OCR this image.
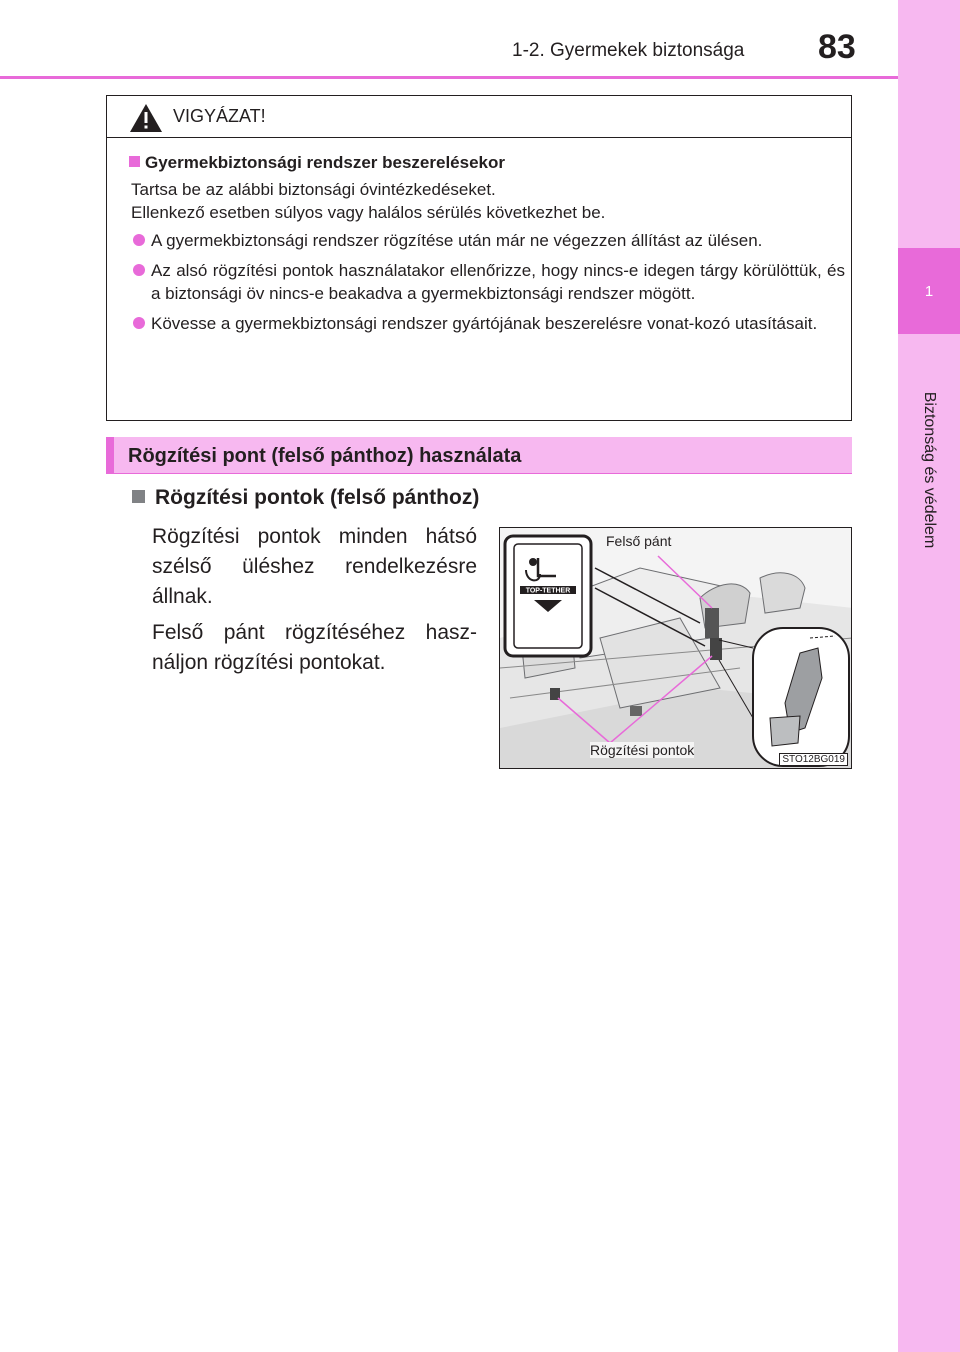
1
Biztonság és védelem
1-2. Gyermekek biztonsága 83
VIGYÁZAT!
Gyermekbiztonsági rendszer beszerelésekor
Tartsa be az alábbi biztonsági óvintézkedéseket.
Ellenkező esetben súlyos vagy halálos sérülés következhet be.
A gyermekbiztonsági rendszer rögzítése után már ne végezzen állítást az ülésen.
Az alsó rögzítési pontok használatakor ellenőrizze, hogy nincs-e idegen tárgy körülöttük, és a biztonsági öv nincs-e beakadva a gyermekbiztonsági rendszer mögött.
Kövesse a gyermekbiztonsági rendszer gyártójának beszerelésre vonat-kozó utasításait.
Rögzítési pont (felső pánthoz) használata
Rögzítési pontok (felső pánthoz)
Rögzítési pontok minden hátsó szélső üléshez rendelkezésre állnak.
Felső pánt rögzítéséhez hasz-náljon rögzítési pontokat.
TOP-TETHER
Felső pánt
Rögzítési pontok
STO12BG019
